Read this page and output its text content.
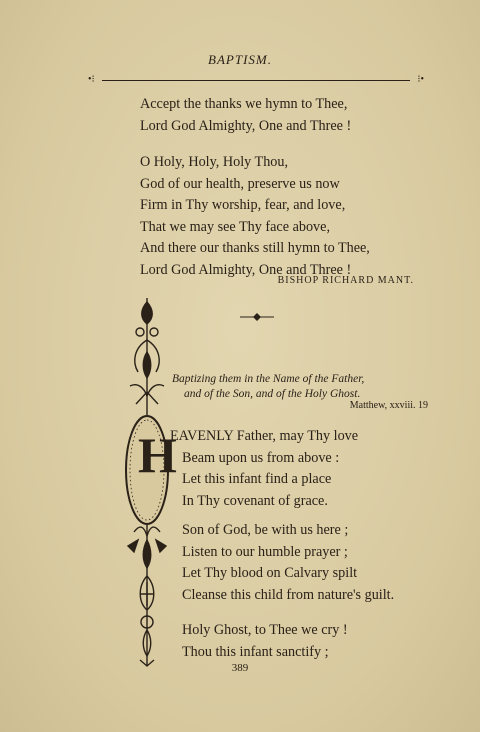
BAPTISM.
•⁝	⁝•
Accept the thanks we hymn to Thee,
Lord God Almighty, One and Three !
O Holy, Holy, Holy Thou,
God of our health, preserve us now
Firm in Thy worship, fear, and love,
That we may see Thy face above,
And there our thanks still hymn to Thee,
Lord God Almighty, One and Three !
BISHOP RICHARD MANT.
Baptizing them in the Name of the Father,
and of the Son, and of the Holy Ghost.
Matthew, xxviii. 19
H
EAVENLY Father, may Thy love
Beam upon us from above :
Let this infant find a place
In Thy covenant of grace.
Son of God, be with us here ;
Listen to our humble prayer ;
Let Thy blood on Calvary spilt
Cleanse this child from nature's guilt.
Holy Ghost, to Thee we cry !
Thou this infant sanctify ;
389
